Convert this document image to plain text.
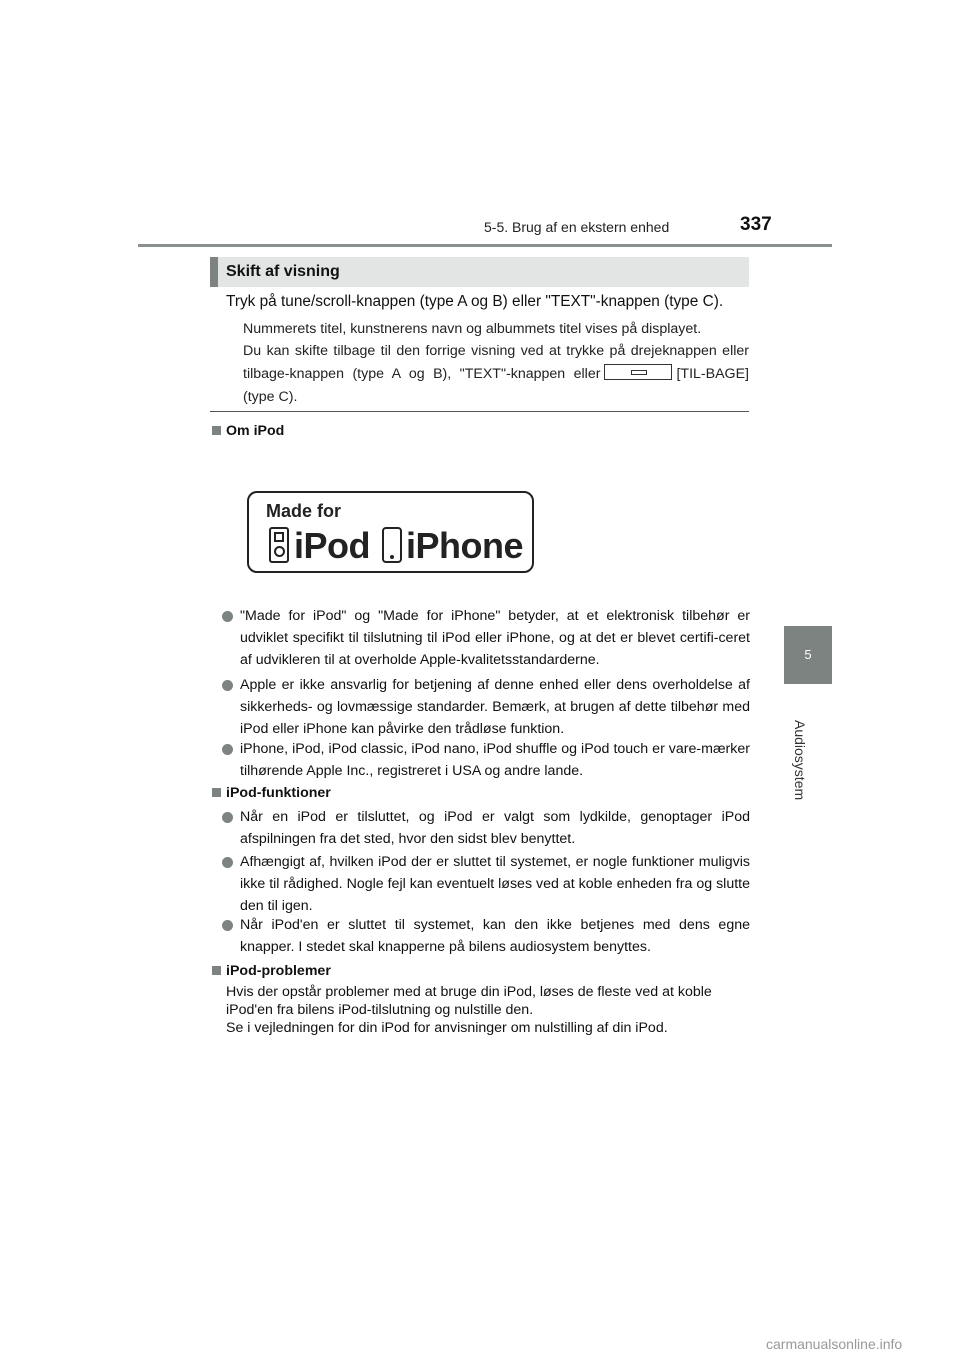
5-5. Brug af en ekstern enhed	337
5
Audiosystem
Skift af visning
Tryk på tune/scroll-knappen (type A og B) eller "TEXT"-knappen (type C).
Nummerets titel, kunstnerens navn og albummets titel vises på displayet.
Du kan skifte tilbage til den forrige visning ved at trykke på drejeknappen eller tilbage-knappen (type A og B), "TEXT"-knappen eller	[TIL-BAGE] (type C).
Om iPod
Made for
iPod iPhone
"Made for iPod" og "Made for iPhone" betyder, at et elektronisk tilbehør er udviklet specifikt til tilslutning til iPod eller iPhone, og at det er blevet certifi-ceret af udvikleren til at overholde Apple-kvalitetsstandarderne.
Apple er ikke ansvarlig for betjening af denne enhed eller dens overholdelse af sikkerheds- og lovmæssige standarder. Bemærk, at brugen af dette tilbehør med iPod eller iPhone kan påvirke den trådløse funktion.
iPhone, iPod, iPod classic, iPod nano, iPod shuffle og iPod touch er vare-mærker tilhørende Apple Inc., registreret i USA og andre lande.
iPod-funktioner
Når en iPod er tilsluttet, og iPod er valgt som lydkilde, genoptager iPod afspilningen fra det sted, hvor den sidst blev benyttet.
Afhængigt af, hvilken iPod der er sluttet til systemet, er nogle funktioner muligvis ikke til rådighed. Nogle fejl kan eventuelt løses ved at koble enheden fra og slutte den til igen.
Når iPod'en er sluttet til systemet, kan den ikke betjenes med dens egne knapper. I stedet skal knapperne på bilens audiosystem benyttes.
iPod-problemer
Hvis der opstår problemer med at bruge din iPod, løses de fleste ved at koble
iPod'en fra bilens iPod-tilslutning og nulstille den.
Se i vejledningen for din iPod for anvisninger om nulstilling af din iPod.
carmanualsonline.info
